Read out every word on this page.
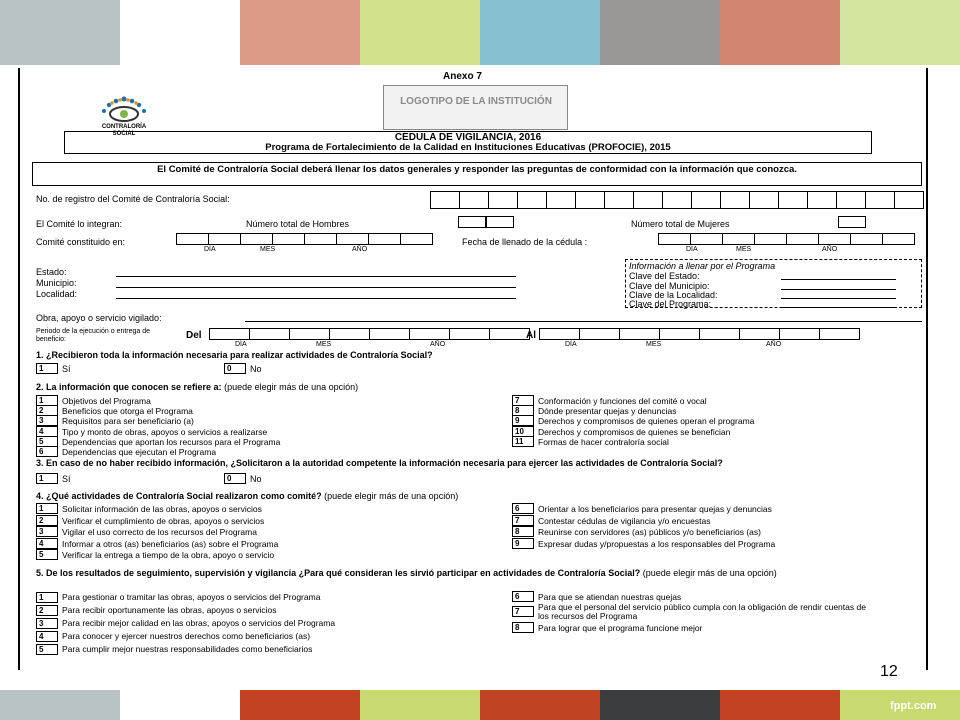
Anexo 7
CONTRALORÍA SOCIAL
LOGOTIPO DE LA INSTITUCIÓN
CÉDULA DE VIGILANCIA, 2016
Programa de Fortalecimiento de la Calidad en Instituciones Educativas (PROFOCIE), 2015
El Comité de Contraloría Social deberá llenar los datos generales y responder las preguntas de conformidad con la información que conozca.
No. de registro del Comité de Contraloría Social:
El Comité lo integran:	Número total de Hombres	Número total de Mujeres
Comité constituido en:
DÍA	MES	AÑO
Fecha de llenado de la cédula :
DÍA	MES	AÑO
Estado:
Municipio:
Localidad:
Información a llenar por el Programa
Clave del Estado:
Clave del Municipio:
Clave de la Localidad:
Clave del Programa:
Obra, apoyo o servicio vigilado:
Periodo de la ejecución o entrega de beneficio:	Del
DÍA	MES	AÑO
Al
DÍA	MES	AÑO
1. ¿Recibieron toda la información necesaria para realizar actividades de Contraloría Social?
1	Sí	0	No
2. La información que conocen se refiere a: (puede elegir más de una opción)
1	Objetivos del Programa
2	Beneficios que otorga el Programa
3	Requisitos para ser beneficiario (a)
4	Tipo y monto de obras, apoyos o servicios a realizarse
5	Dependencias que aportan los recursos para el Programa
6	Dependencias que ejecutan el Programa
7	Conformación y funciones del comité o vocal
8	Dónde presentar quejas y denuncias
9	Derechos y compromisos de quienes operan el programa
10	Derechos y compromisos de quienes se benefician
11	Formas de hacer contraloría social
3. En caso de no haber recibido información, ¿Solicitaron a la autoridad competente la información necesaria para ejercer las actividades de Contraloría Social?
1	Sí	0	No
4. ¿Qué actividades de Contraloría Social realizaron como comité? (puede elegir más de una opción)
1	Solicitar información de las obras, apoyos o servicios
2	Verificar el cumplimiento de obras, apoyos o servicios
3	Vigilar el uso correcto de los recursos del Programa
4	Informar a otros (as) beneficiarios (as) sobre el Programa
5	Verificar la entrega a tiempo de la obra, apoyo o servicio
6	Orientar a los beneficiarios para presentar quejas y denuncias
7	Contestar cédulas de vigilancia y/o encuestas
8	Reunirse con servidores (as) públicos y/o beneficiarios (as)
9	Expresar dudas y/propuestas a los responsables del Programa
5. De los resultados de seguimiento, supervisión y vigilancia ¿Para qué consideran les sirvió participar en actividades de Contraloría Social? (puede elegir más de una opción)
1	Para gestionar o tramitar las obras, apoyos o servicios del Programa
2	Para recibir oportunamente las obras, apoyos o servicios
3	Para recibir mejor calidad en las obras, apoyos o servicios del Programa
4	Para conocer y ejercer nuestros derechos como beneficiarios (as)
5	Para cumplir mejor nuestras responsabilidades como beneficiarios
6	Para que se atiendan nuestras quejas
7	Para que el personal del servicio público cumpla con la obligación de rendir cuentas de los recursos del Programa
8	Para lograr que el programa funcione mejor
12
fppt.com
